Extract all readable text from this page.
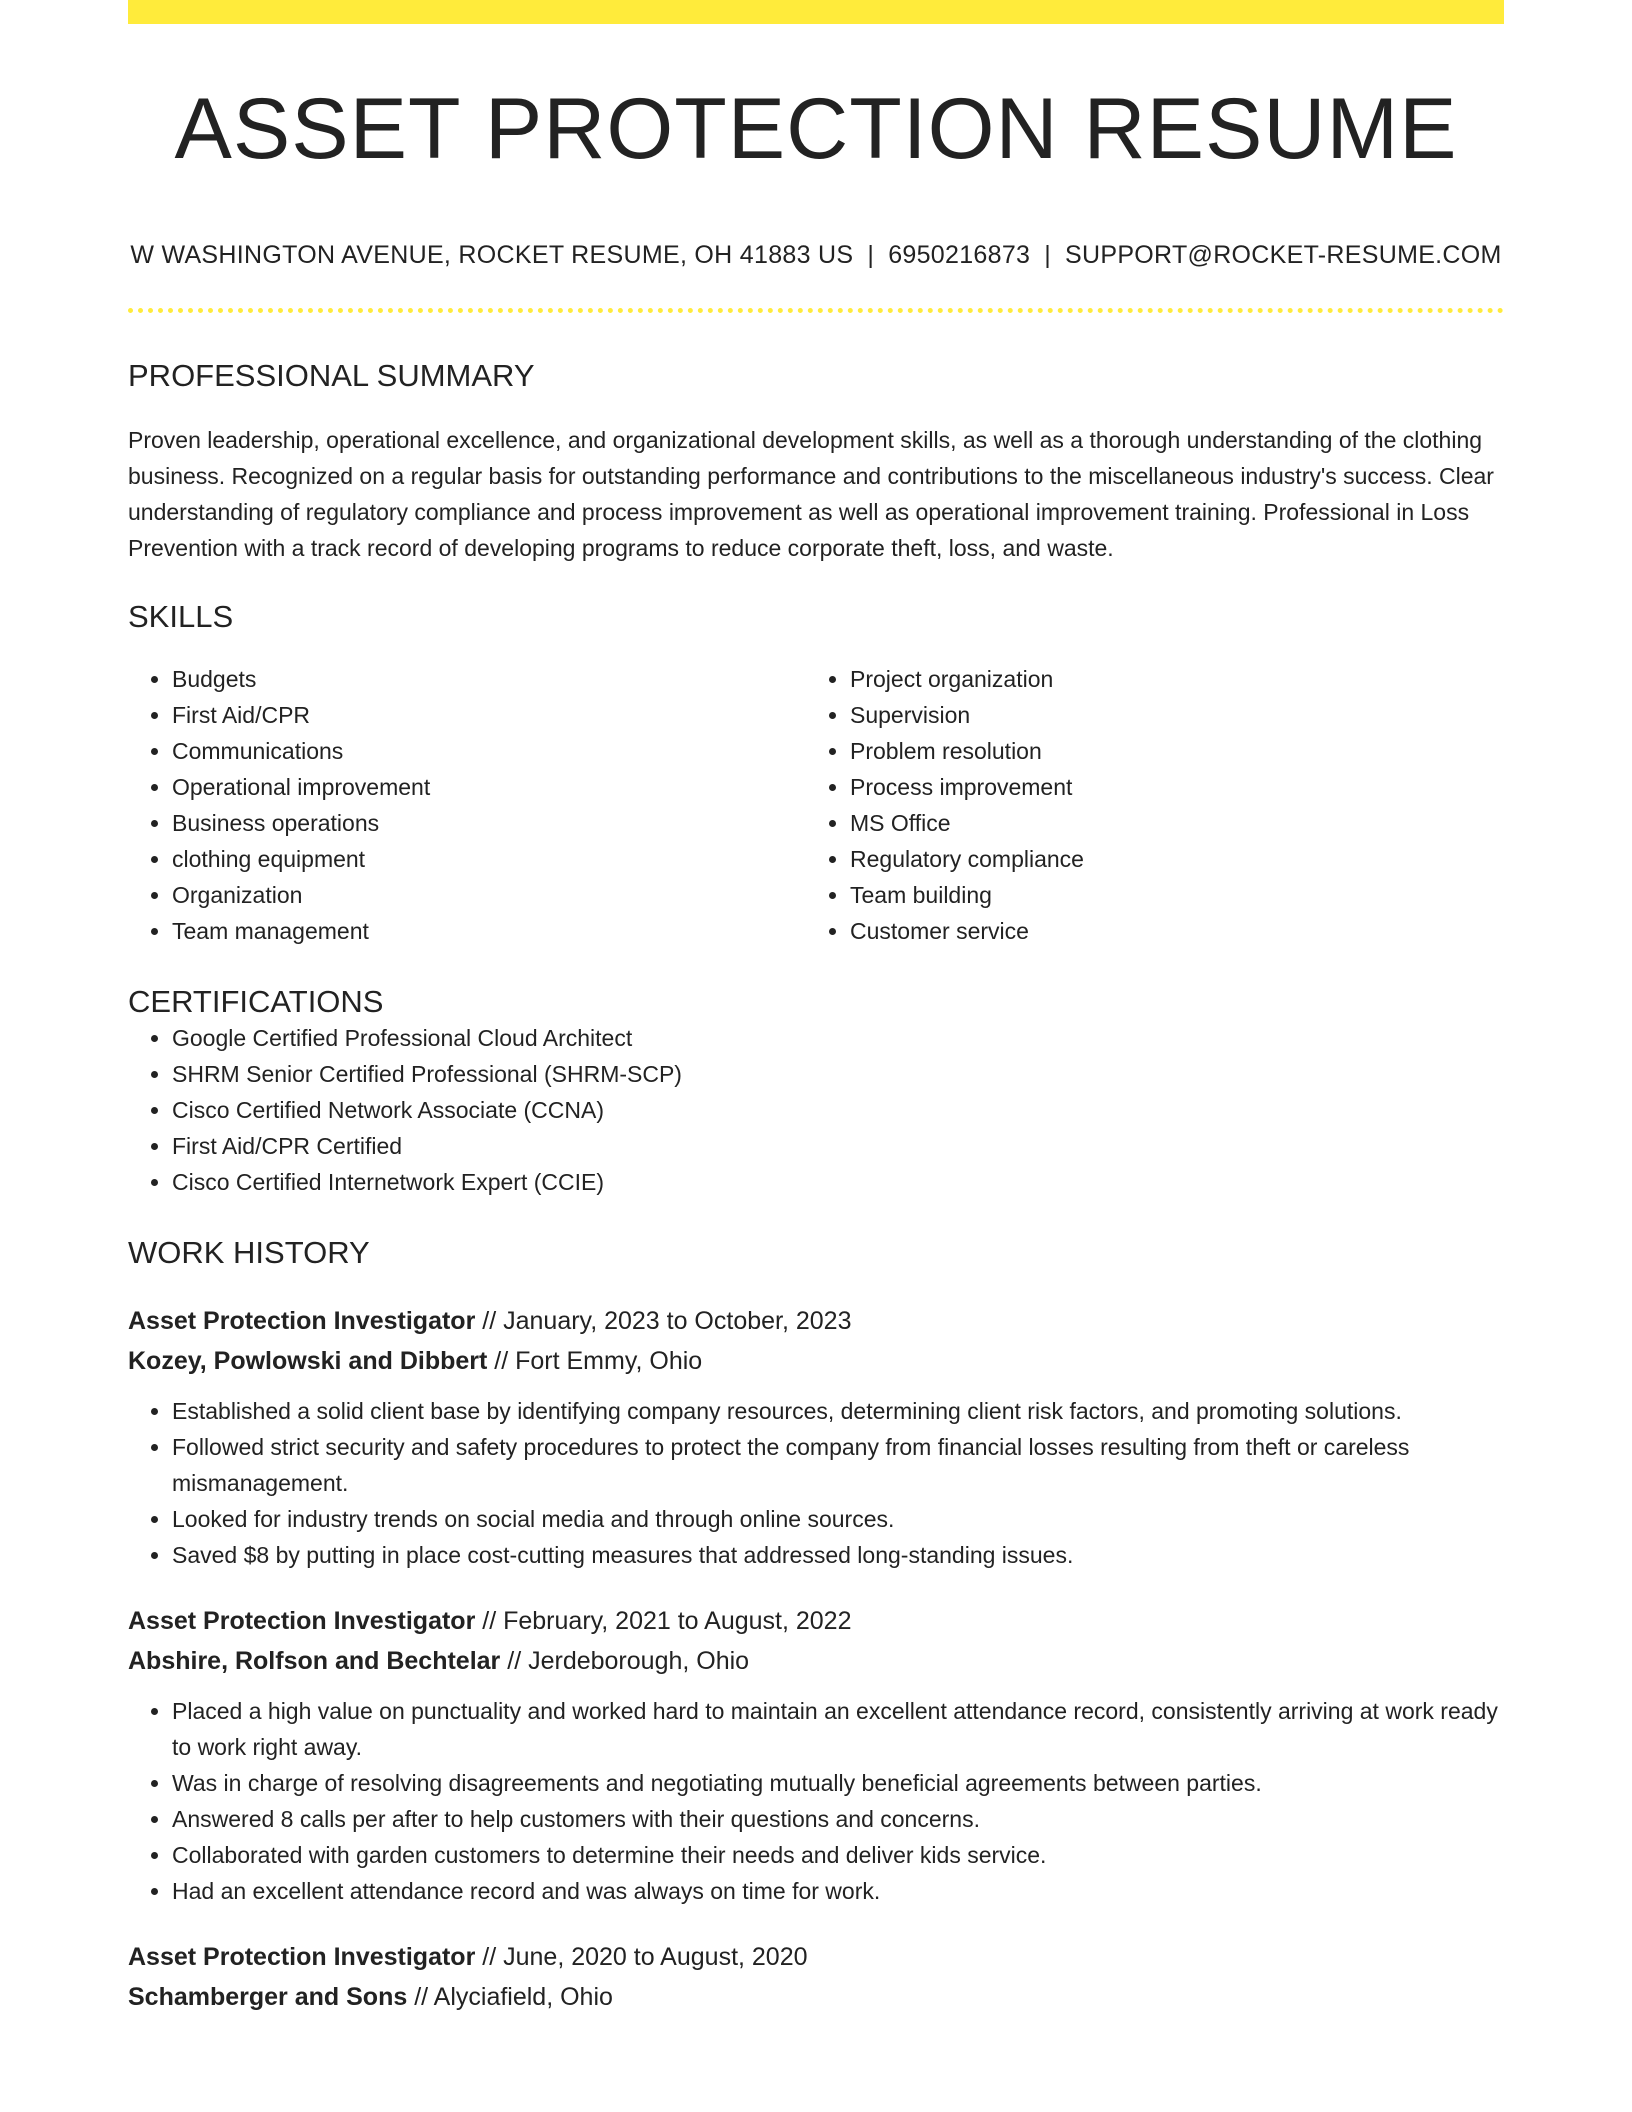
ASSET PROTECTION RESUME
W WASHINGTON AVENUE, ROCKET RESUME, OH 41883 US | 6950216873 | SUPPORT@ROCKET-RESUME.COM
PROFESSIONAL SUMMARY
Proven leadership, operational excellence, and organizational development skills, as well as a thorough understanding of the clothing business. Recognized on a regular basis for outstanding performance and contributions to the miscellaneous industry's success. Clear understanding of regulatory compliance and process improvement as well as operational improvement training. Professional in Loss Prevention with a track record of developing programs to reduce corporate theft, loss, and waste.
SKILLS
• Budgets
• First Aid/CPR
• Communications
• Operational improvement
• Business operations
• clothing equipment
• Organization
• Team management
• Project organization
• Supervision
• Problem resolution
• Process improvement
• MS Office
• Regulatory compliance
• Team building
• Customer service
CERTIFICATIONS
• Google Certified Professional Cloud Architect
• SHRM Senior Certified Professional (SHRM-SCP)
• Cisco Certified Network Associate (CCNA)
• First Aid/CPR Certified
• Cisco Certified Internetwork Expert (CCIE)
WORK HISTORY
Asset Protection Investigator // January, 2023 to October, 2023
Kozey, Powlowski and Dibbert // Fort Emmy, Ohio
• Established a solid client base by identifying company resources, determining client risk factors, and promoting solutions.
• Followed strict security and safety procedures to protect the company from financial losses resulting from theft or careless mismanagement.
• Looked for industry trends on social media and through online sources.
• Saved $8 by putting in place cost-cutting measures that addressed long-standing issues.
Asset Protection Investigator // February, 2021 to August, 2022
Abshire, Rolfson and Bechtelar // Jerdeborough, Ohio
• Placed a high value on punctuality and worked hard to maintain an excellent attendance record, consistently arriving at work ready to work right away.
• Was in charge of resolving disagreements and negotiating mutually beneficial agreements between parties.
• Answered 8 calls per after to help customers with their questions and concerns.
• Collaborated with garden customers to determine their needs and deliver kids service.
• Had an excellent attendance record and was always on time for work.
Asset Protection Investigator // June, 2020 to August, 2020
Schamberger and Sons // Alyciafield, Ohio
